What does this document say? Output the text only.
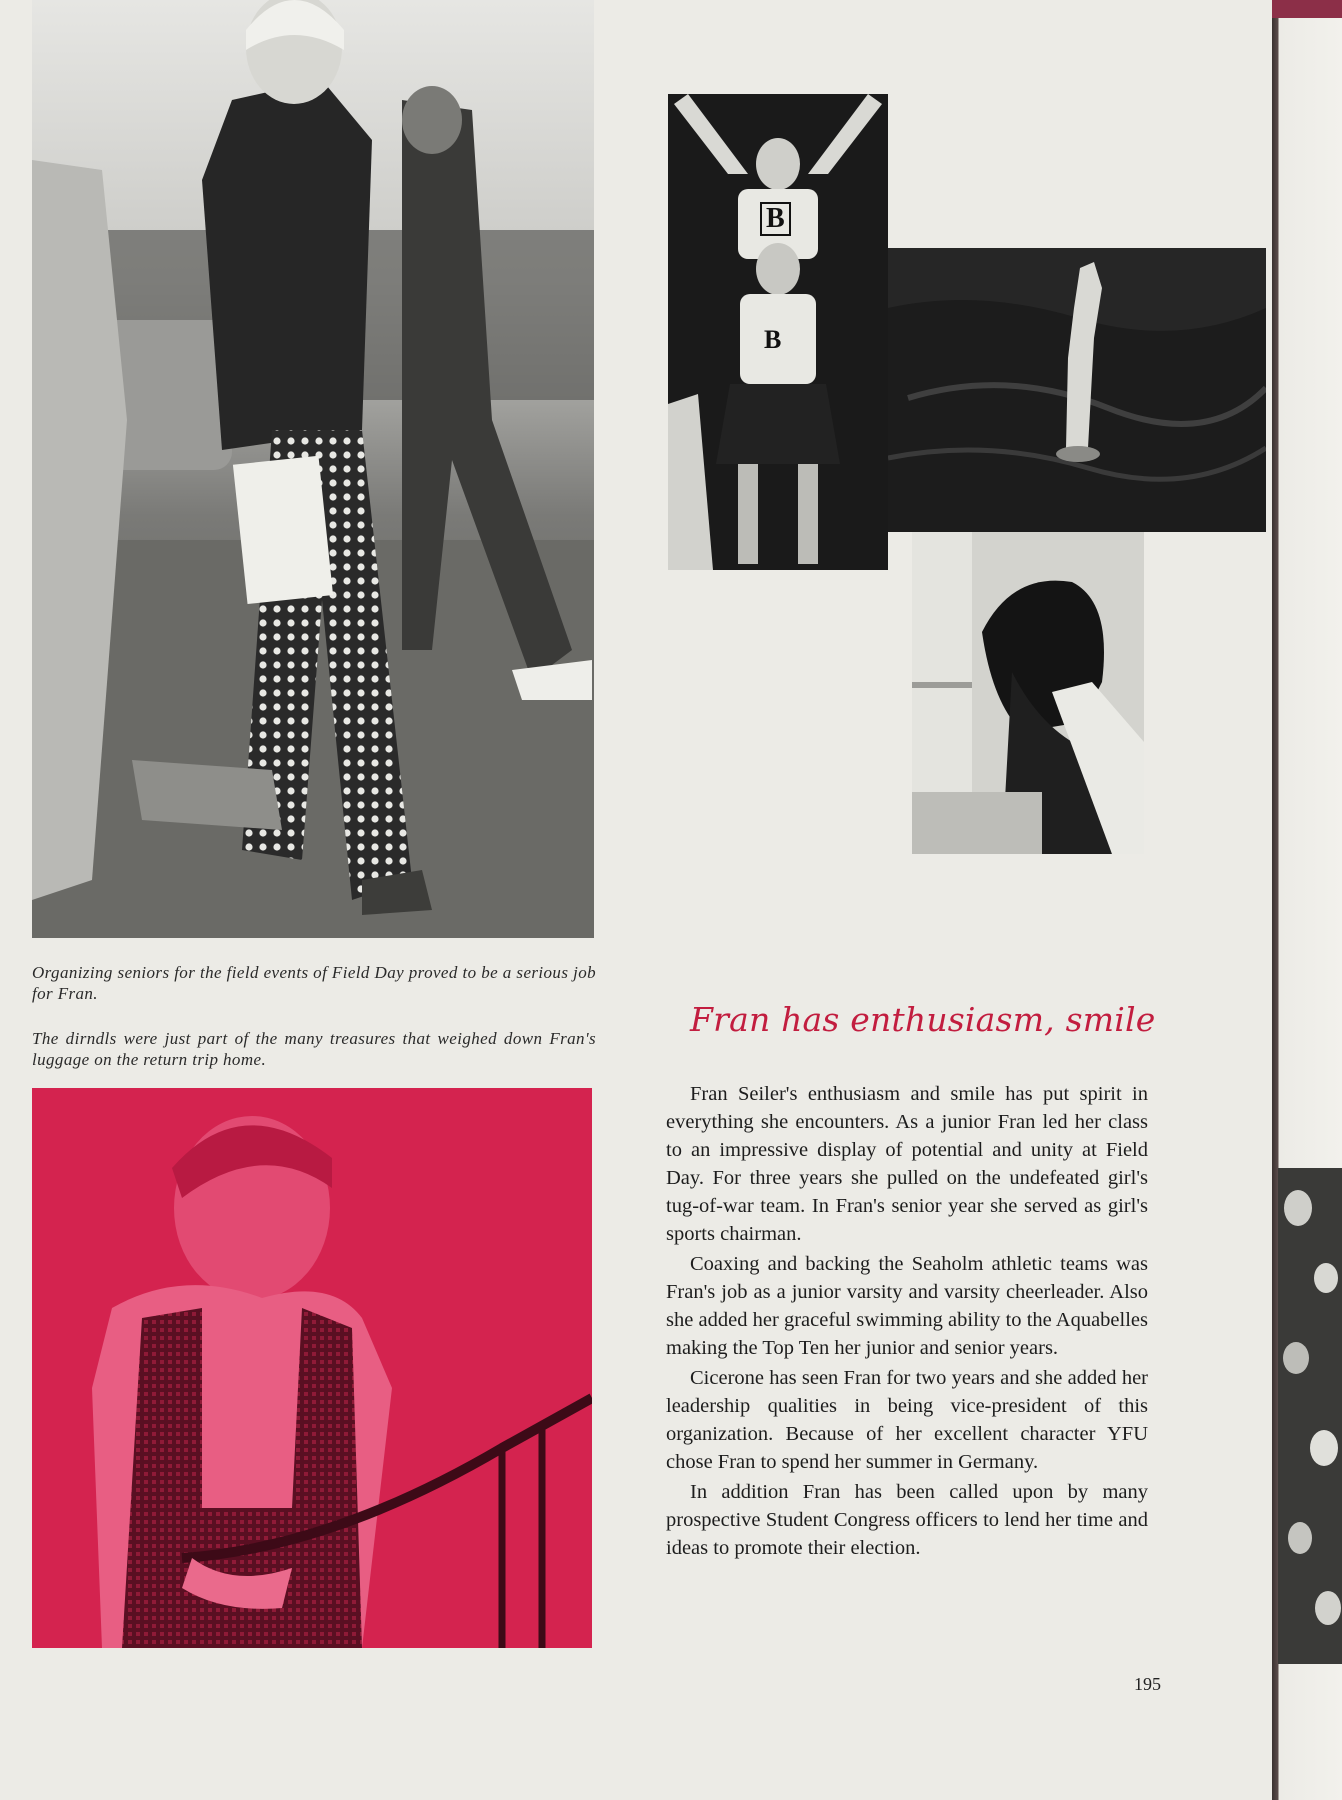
B
B
Organizing seniors for the field events of Field Day proved to be a serious job for Fran.
The dirndls were just part of the many treasures that weighed down Fran's luggage on the return trip home.
Fran has enthusiasm, smile

Fran Seiler's enthusiasm and smile has put spirit in everything she encounters. As a junior Fran led her class to an impressive display of potential and unity at Field Day. For three years she pulled on the undefeated girl's tug-of-war team. In Fran's senior year she served as girl's sports chairman.

Coaxing and backing the Seaholm athletic teams was Fran's job as a junior varsity and varsity cheerleader. Also she added her graceful swimming ability to the Aquabelles making the Top Ten her junior and senior years.

Cicerone has seen Fran for two years and she added her leadership qualities in being vice-president of this organization. Because of her excellent character YFU chose Fran to spend her summer in Germany.

In addition Fran has been called upon by many prospective Student Congress officers to lend her time and ideas to promote their election.

195
